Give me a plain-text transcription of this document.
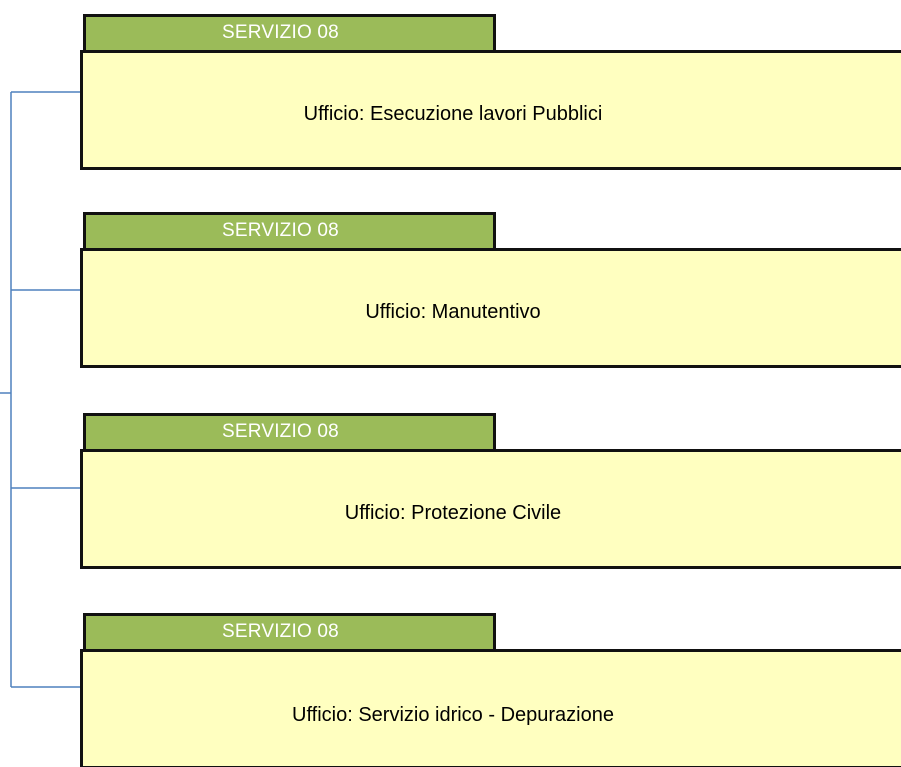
SERVIZIO 08
Ufficio: Esecuzione lavori Pubblici
SERVIZIO 08
Ufficio: Manutentivo
SERVIZIO 08
Ufficio: Protezione Civile
SERVIZIO 08
Ufficio: Servizio idrico - Depurazione
